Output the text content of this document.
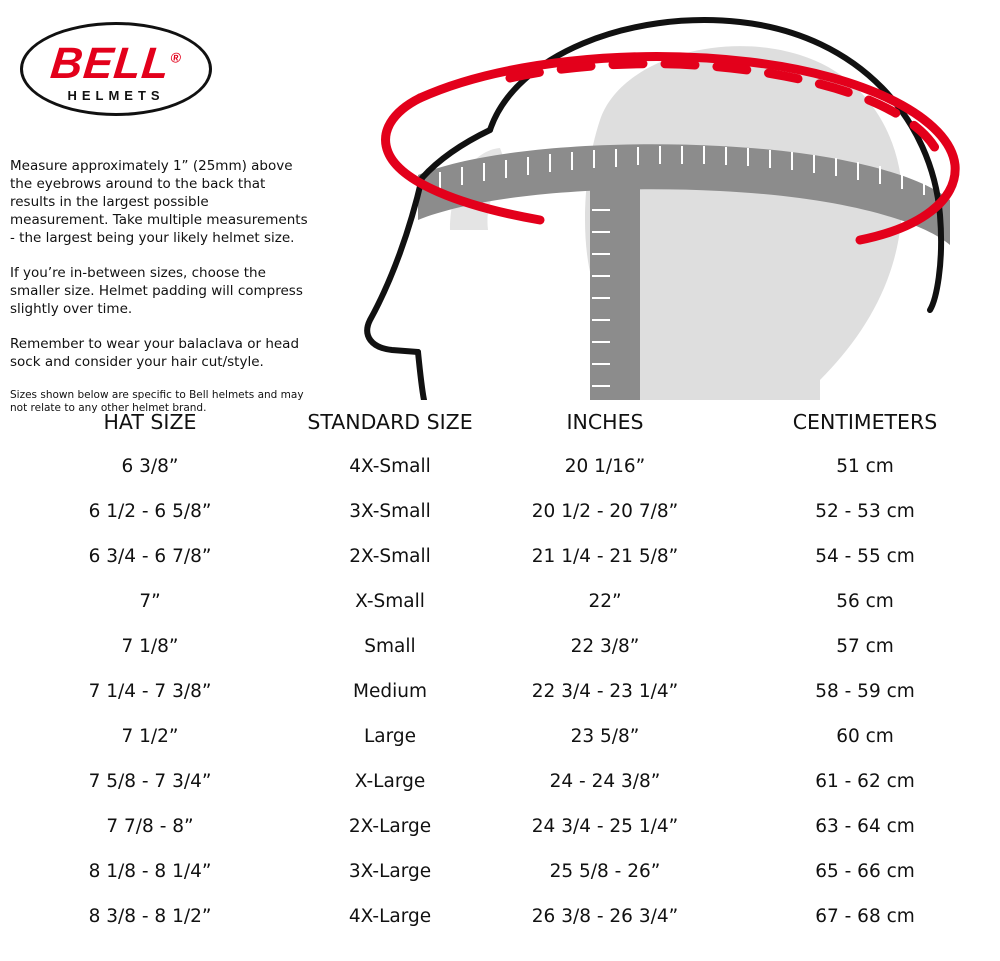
BELL®
HELMETS

Measure approximately 1” (25mm) above the eyebrows around to the back that results in the largest possible measurement. Take multiple measurements - the largest being your likely helmet size.

If you’re in-between sizes, choose the smaller size. Helmet padding will compress slightly over time.

Remember to wear your balaclava or head sock and consider your hair cut/style.

Sizes shown below are specific to Bell helmets and may not relate to any other helmet brand.

HAT SIZE	STANDARD SIZE	INCHES	CENTIMETERS
6 3/8”	4X-Small	20 1/16”	51 cm
6 1/2 - 6 5/8”	3X-Small	20 1/2 - 20 7/8”	52 - 53 cm
6 3/4 - 6 7/8”	2X-Small	21 1/4 - 21 5/8”	54 - 55 cm
7”	X-Small	22”	56 cm
7 1/8”	Small	22 3/8”	57 cm
7 1/4 - 7 3/8”	Medium	22 3/4 - 23 1/4”	58 - 59 cm
7 1/2”	Large	23 5/8”	60 cm
7 5/8 - 7 3/4”	X-Large	24 - 24 3/8”	61 - 62 cm
7 7/8 - 8”	2X-Large	24 3/4 - 25 1/4”	63 - 64 cm
8 1/8 - 8 1/4”	3X-Large	25 5/8 - 26”	65 - 66 cm
8 3/8 - 8 1/2”	4X-Large	26 3/8 - 26 3/4”	67 - 68 cm
